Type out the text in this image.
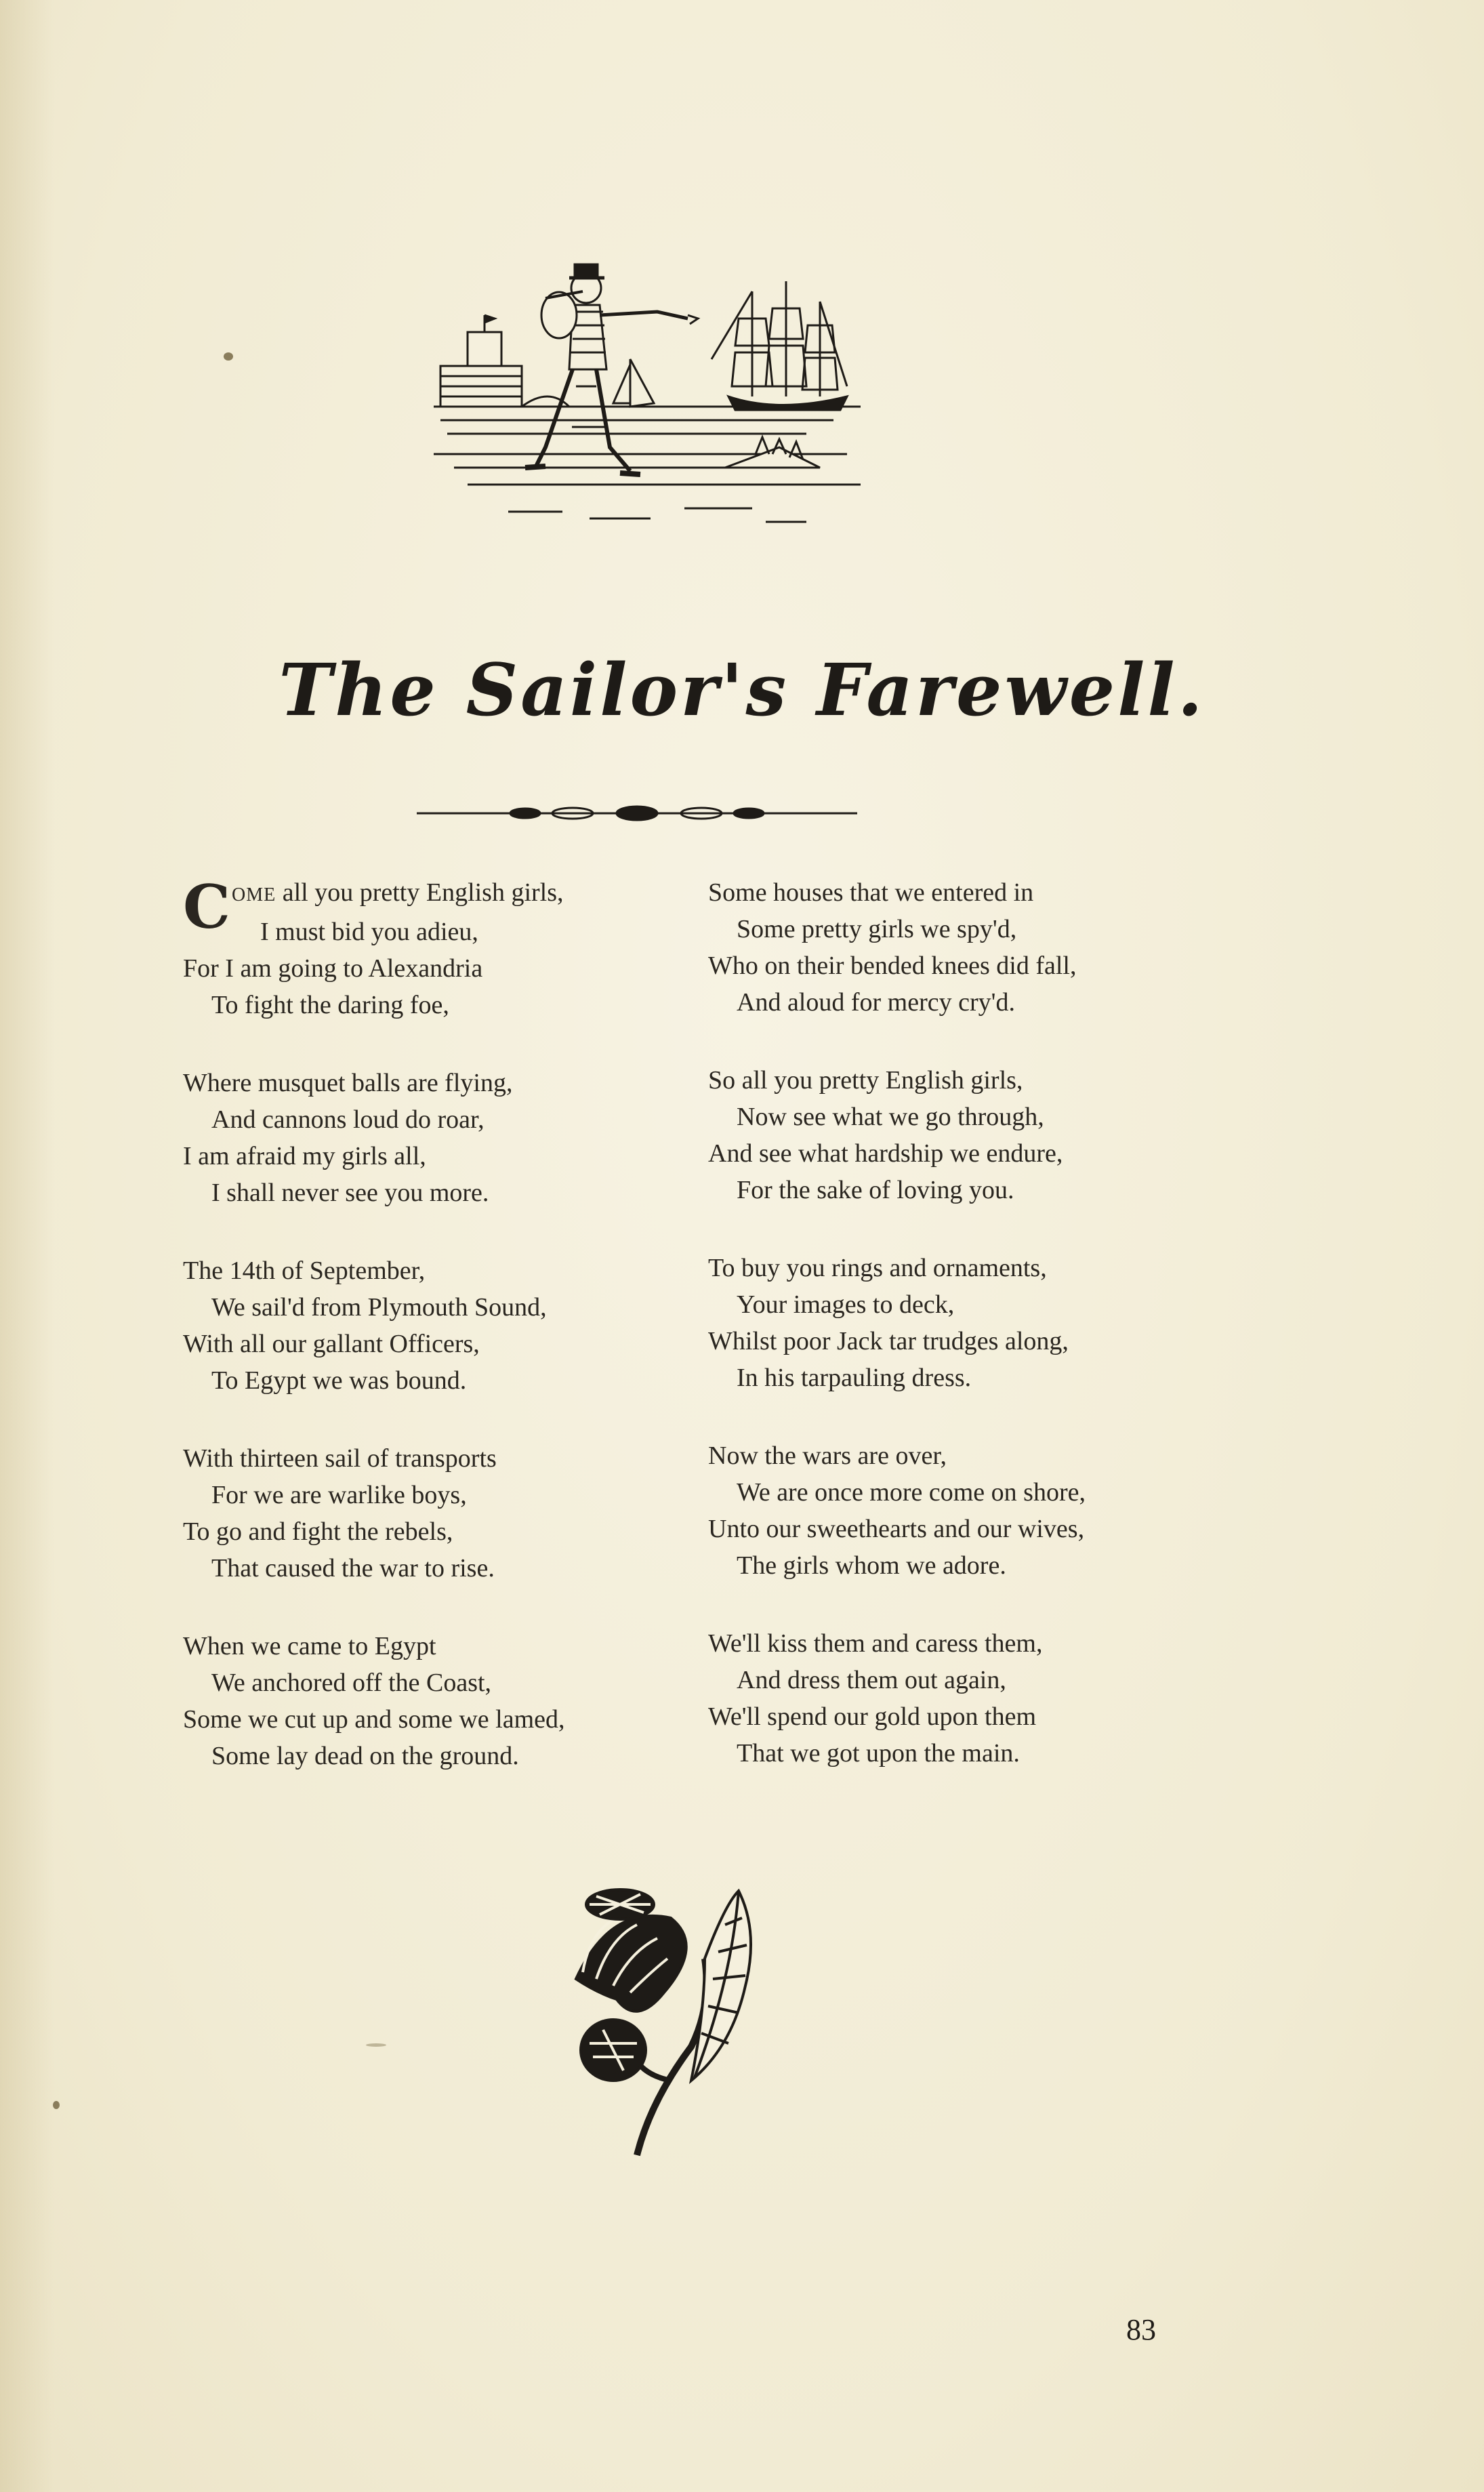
The Sailor's Farewell.
C OME all you pretty English girls,
I must bid you adieu,
For I am going to Alexandria
To fight the daring foe,
Where musquet balls are flying,
And cannons loud do roar,
I am afraid my girls all,
I shall never see you more.
The 14th of September,
We sail'd from Plymouth Sound,
With all our gallant Officers,
To Egypt we was bound.
With thirteen sail of transports
For we are warlike boys,
To go and fight the rebels,
That caused the war to rise.
When we came to Egypt
We anchored off the Coast,
Some we cut up and some we lamed,
Some lay dead on the ground.
Some houses that we entered in
Some pretty girls we spy'd,
Who on their bended knees did fall,
And aloud for mercy cry'd.
So all you pretty English girls,
Now see what we go through,
And see what hardship we endure,
For the sake of loving you.
To buy you rings and ornaments,
Your images to deck,
Whilst poor Jack tar trudges along,
In his tarpauling dress.
Now the wars are over,
We are once more come on shore,
Unto our sweethearts and our wives,
The girls whom we adore.
We'll kiss them and caress them,
And dress them out again,
We'll spend our gold upon them
That we got upon the main.
83
